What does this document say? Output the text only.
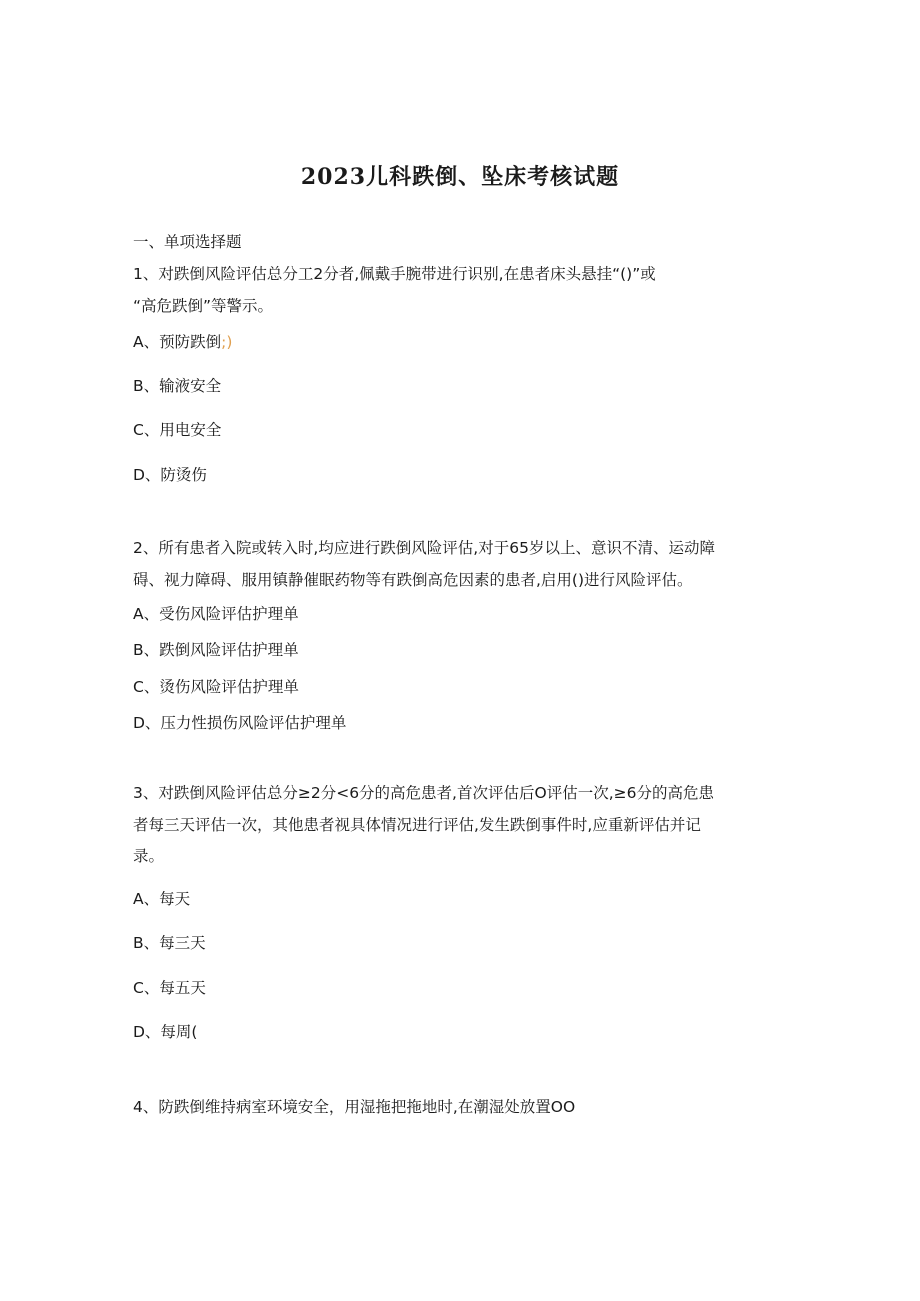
2023儿科跌倒、坠床考核试题
一、单项选择题
1、对跌倒风险评估总分工2分者,佩戴手腕带进行识别,在患者床头悬挂“()”或
“高危跌倒”等警示。
A、预防跌倒;)
B、输液安全
C、用电安全
D、防烫伤
2、所有患者入院或转入时,均应进行跌倒风险评估,对于65岁以上、意识不清、运动障
碍、视力障碍、服用镇静催眠药物等有跌倒高危因素的患者,启用()进行风险评估。
A、受伤风险评估护理单
B、跌倒风险评估护理单
C、烫伤风险评估护理单
D、压力性损伤风险评估护理单
3、对跌倒风险评估总分≥2分<6分的高危患者,首次评估后O评估一次,≥6分的高危患
者每三天评估一次，其他患者视具体情况进行评估,发生跌倒事件时,应重新评估并记
录。
A、每天
B、每三天
C、每五天
D、每周(
4、防跌倒维持病室环境安全，用湿拖把拖地时,在潮湿处放置OO
